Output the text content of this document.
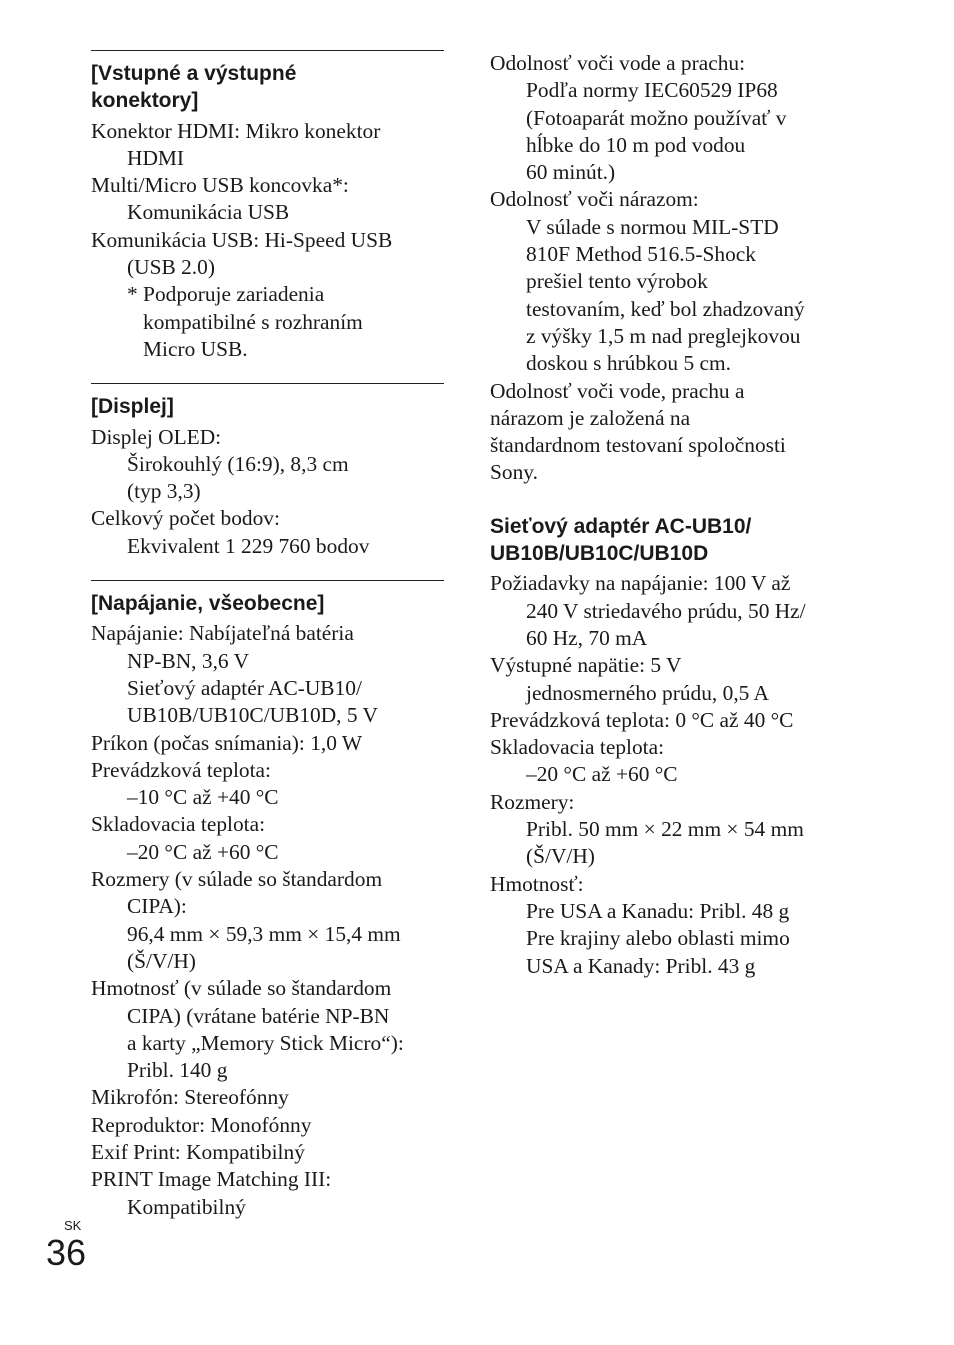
[Vstupné a výstupné
konektory]
Konektor HDMI: Mikro konektor
HDMI
Multi/Micro USB koncovka*:
Komunikácia USB
Komunikácia USB: Hi-Speed USB
(USB 2.0)
* Podporuje zariadenia
kompatibilné s rozhraním
Micro USB.
[Displej]
Displej OLED:
Širokouhlý (16:9), 8,3 cm
(typ 3,3)
Celkový počet bodov:
Ekvivalent 1 229 760 bodov
[Napájanie, všeobecne]
Napájanie: Nabíjateľná batéria
NP-BN, 3,6 V
Sieťový adaptér AC-UB10/
UB10B/UB10C/UB10D, 5 V
Príkon (počas snímania): 1,0 W
Prevádzková teplota:
–10 °C až +40 °C
Skladovacia teplota:
–20 °C až +60 °C
Rozmery (v súlade so štandardom
CIPA):
96,4 mm × 59,3 mm × 15,4 mm
(Š/V/H)
Hmotnosť (v súlade so štandardom
CIPA) (vrátane batérie NP-BN
a karty „Memory Stick Micro“):
Pribl. 140 g
Mikrofón: Stereofónny
Reproduktor: Monofónny
Exif Print: Kompatibilný
PRINT Image Matching III:
Kompatibilný
Odolnosť voči vode a prachu:
Podľa normy IEC60529 IP68
(Fotoaparát možno používať v
hĺbke do 10 m pod vodou
60 minút.)
Odolnosť voči nárazom:
V súlade s normou MIL-STD
810F Method 516.5-Shock
prešiel tento výrobok
testovaním, keď bol zhadzovaný
z výšky 1,5 m nad preglejkovou
doskou s hrúbkou 5 cm.
Odolnosť voči vode, prachu a
nárazom je založená na
štandardnom testovaní spoločnosti
Sony.
Sieťový adaptér AC-UB10/
UB10B/UB10C/UB10D
Požiadavky na napájanie: 100 V až
240 V striedavého prúdu, 50 Hz/
60 Hz, 70 mA
Výstupné napätie: 5 V
jednosmerného prúdu, 0,5 A
Prevádzková teplota: 0 °C až 40 °C
Skladovacia teplota:
–20 °C až +60 °C
Rozmery:
Pribl. 50 mm × 22 mm × 54 mm
(Š/V/H)
Hmotnosť:
Pre USA a Kanadu: Pribl. 48 g
Pre krajiny alebo oblasti mimo
USA a Kanady: Pribl. 43 g
SK
36
